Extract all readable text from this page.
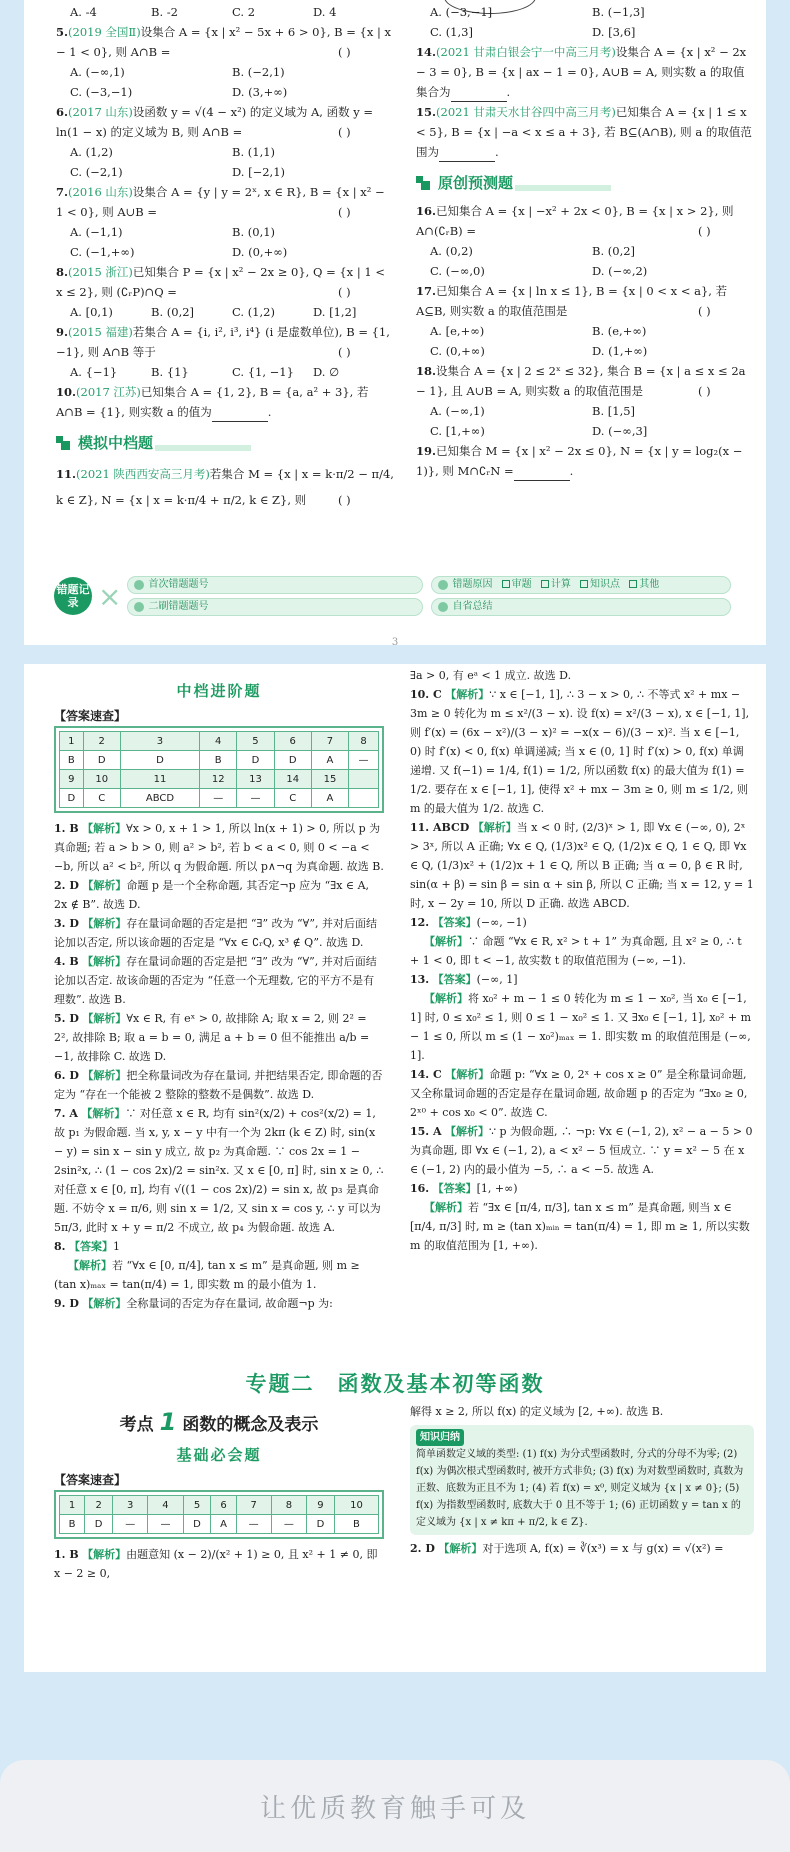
A. -4	B. -2	C. 2	D. 4
5.(2019 全国Ⅱ)设集合 A = {x | x² − 5x + 6 > 0}, B = {x | x − 1 < 0}, 则 A∩B =	( )
A. (−∞,1)	B. (−2,1)
C. (−3,−1)	D. (3,+∞)
6.(2017 山东)设函数 y = √(4 − x²) 的定义域为 A, 函数 y = ln(1 − x) 的定义域为 B, 则 A∩B =	( )
A. (1,2)	B. (1,1)
C. (−2,1)	D. [−2,1)
7.(2016 山东)设集合 A = {y | y = 2ˣ, x ∈ R}, B = {x | x² − 1 < 0}, 则 A∪B =	( )
A. (−1,1)	B. (0,1)
C. (−1,+∞)	D. (0,+∞)
8.(2015 浙江)已知集合 P = {x | x² − 2x ≥ 0}, Q = {x | 1 < x ≤ 2}, 则 (∁ᵣP)∩Q =	( )
A. [0,1)	B. (0,2]	C. (1,2)	D. [1,2]
9.(2015 福建)若集合 A = {i, i², i³, i⁴} (i 是虚数单位), B = {1, −1}, 则 A∩B 等于	( )
A. {−1}	B. {1}	C. {1, −1}	D. ∅
10.(2017 江苏)已知集合 A = {1, 2}, B = {a, a² + 3}, 若 A∩B = {1}, 则实数 a 的值为	.
模拟中档题
11.(2021 陕西西安高三月考)若集合 M = {x | x = k·π/2 − π/4, k ∈ Z}, N = {x | x = k·π/4 + π/2, k ∈ Z}, 则	( )
A. (−3,−1]	B. (−1,3]
C. (1,3]	D. [3,6]
14.(2021 甘肃白银会宁一中高三月考)设集合 A = {x | x² − 2x − 3 = 0}, B = {x | ax − 1 = 0}, A∪B = A, 则实数 a 的取值集合为	.
15.(2021 甘肃天水甘谷四中高三月考)已知集合 A = {x | 1 ≤ x < 5}, B = {x | −a < x ≤ a + 3}, 若 B⊆(A∩B), 则 a 的取值范围为	.
原创预测题
16.已知集合 A = {x | −x² + 2x < 0}, B = {x | x > 2}, 则 A∩(∁ᵣB) =	( )
A. (0,2)	B. (0,2]
C. (−∞,0)	D. (−∞,2)
17.已知集合 A = {x | ln x ≤ 1}, B = {x | 0 < x < a}, 若 A⊆B, 则实数 a 的取值范围是	( )
A. [e,+∞)	B. (e,+∞)
C. (0,+∞)	D. (1,+∞)
18.设集合 A = {x | 2 ≤ 2ˣ ≤ 32}, 集合 B = {x | a ≤ x ≤ 2a − 1}, 且 A∪B = A, 则实数 a 的取值范围是	( )
A. (−∞,1)	B. [1,5]
C. [1,+∞)	D. (−∞,3]
19.已知集合 M = {x | x² − 2x ≤ 0}, N = {x | y = log₂(x − 1)}, 则 M∩∁ᵣN =	.
错题记录 ×	首次错题题号	错题原因 审题 计算 知识点 其他
二刷错题题号	自省总结
3
中档进阶题
【答案速查】
1	2	3	4	5	6	7	8
B	D	D	B	D	D	A	—
9	10	11	12	13	14	15	
D	C	ABCD	—	—	C	A	
1. B 【解析】∀x > 0, x + 1 > 1, 所以 ln(x + 1) > 0, 所以 p 为真命题; 若 a > b > 0, 则 a² > b², 若 b < a < 0, 则 0 < −a < −b, 所以 a² < b², 所以 q 为假命题. 所以 p∧¬q 为真命题. 故选 B.
2. D 【解析】命题 p 是一个全称命题, 其否定¬p 应为 “∃x ∈ A, 2x ∉ B”. 故选 D.
3. D 【解析】存在量词命题的否定是把 “∃” 改为 “∀”, 并对后面结论加以否定, 所以该命题的否定是 “∀x ∈ ∁ᵣQ, x³ ∉ Q”. 故选 D.
4. B 【解析】存在量词命题的否定是把 “∃” 改为 “∀”, 并对后面结论加以否定. 故该命题的否定为 “任意一个无理数, 它的平方不是有理数”. 故选 B.
5. D 【解析】∀x ∈ R, 有 eˣ > 0, 故排除 A; 取 x = 2, 则 2² = 2², 故排除 B; 取 a = b = 0, 满足 a + b = 0 但不能推出 a/b = −1, 故排除 C. 故选 D.
6. D 【解析】把全称量词改为存在量词, 并把结果否定, 即命题的否定为 “存在一个能被 2 整除的整数不是偶数”. 故选 D.
7. A 【解析】∵ 对任意 x ∈ R, 均有 sin²(x/2) + cos²(x/2) = 1, 故 p₁ 为假命题. 当 x, y, x − y 中有一个为 2kπ (k ∈ Z) 时, sin(x − y) = sin x − sin y 成立, 故 p₂ 为真命题. ∵ cos 2x = 1 − 2sin²x, ∴ (1 − cos 2x)/2 = sin²x. 又 x ∈ [0, π] 时, sin x ≥ 0, ∴ 对任意 x ∈ [0, π], 均有 √((1 − cos 2x)/2) = sin x, 故 p₃ 是真命题. 不妨令 x = π/6, 则 sin x = 1/2, 又 sin x = cos y, ∴ y 可以为 5π/3, 此时 x + y = π/2 不成立, 故 p₄ 为假命题. 故选 A.
8. 【答案】1
【解析】若 “∀x ∈ [0, π/4], tan x ≤ m” 是真命题, 则 m ≥ (tan x)ₘₐₓ = tan(π/4) = 1, 即实数 m 的最小值为 1.
9. D 【解析】全称量词的否定为存在量词, 故命题¬p 为:
∃a > 0, 有 eᵃ < 1 成立. 故选 D.
10. C 【解析】∵ x ∈ [−1, 1], ∴ 3 − x > 0, ∴ 不等式 x² + mx − 3m ≥ 0 转化为 m ≤ x²/(3 − x). 设 f(x) = x²/(3 − x), x ∈ [−1, 1], 则 f′(x) = (6x − x²)/(3 − x)² = −x(x − 6)/(3 − x)². 当 x ∈ [−1, 0) 时 f′(x) < 0, f(x) 单调递减; 当 x ∈ (0, 1] 时 f′(x) > 0, f(x) 单调递增. 又 f(−1) = 1/4, f(1) = 1/2, 所以函数 f(x) 的最大值为 f(1) = 1/2. 要存在 x ∈ [−1, 1], 使得 x² + mx − 3m ≥ 0, 则 m ≤ 1/2, 则 m 的最大值为 1/2. 故选 C.
11. ABCD 【解析】当 x < 0 时, (2/3)ˣ > 1, 即 ∀x ∈ (−∞, 0), 2ˣ > 3ˣ, 所以 A 正确; ∀x ∈ Q, (1/3)x² ∈ Q, (1/2)x ∈ Q, 1 ∈ Q, 即 ∀x ∈ Q, (1/3)x² + (1/2)x + 1 ∈ Q, 所以 B 正确; 当 α = 0, β ∈ R 时, sin(α + β) = sin β = sin α + sin β, 所以 C 正确; 当 x = 12, y = 1 时, x − 2y = 10, 所以 D 正确. 故选 ABCD.
12. 【答案】(−∞, −1)
【解析】∵ 命题 “∀x ∈ R, x² > t + 1” 为真命题, 且 x² ≥ 0, ∴ t + 1 < 0, 即 t < −1, 故实数 t 的取值范围为 (−∞, −1).
13. 【答案】(−∞, 1]
【解析】将 x₀² + m − 1 ≤ 0 转化为 m ≤ 1 − x₀², 当 x₀ ∈ [−1, 1] 时, 0 ≤ x₀² ≤ 1, 则 0 ≤ 1 − x₀² ≤ 1. 又 ∃x₀ ∈ [−1, 1], x₀² + m − 1 ≤ 0, 所以 m ≤ (1 − x₀²)ₘₐₓ = 1. 即实数 m 的取值范围是 (−∞, 1].
14. C 【解析】命题 p: “∀x ≥ 0, 2ˣ + cos x ≥ 0” 是全称量词命题, 又全称量词命题的否定是存在量词命题, 故命题 p 的否定为 “∃x₀ ≥ 0, 2ˣ⁰ + cos x₀ < 0”. 故选 C.
15. A 【解析】∵ p 为假命题, ∴ ¬p: ∀x ∈ (−1, 2), x² − a − 5 > 0 为真命题, 即 ∀x ∈ (−1, 2), a < x² − 5 恒成立. ∵ y = x² − 5 在 x ∈ (−1, 2) 内的最小值为 −5, ∴ a < −5. 故选 A.
16. 【答案】[1, +∞)
【解析】若 “∃x ∈ [π/4, π/3], tan x ≤ m” 是真命题, 则当 x ∈ [π/4, π/3] 时, m ≥ (tan x)ₘᵢₙ = tan(π/4) = 1, 即 m ≥ 1, 所以实数 m 的取值范围为 [1, +∞).
专题二　函数及基本初等函数
考点 1 函数的概念及表示
基础必会题
【答案速查】
1	2	3	4	5	6	7	8	9	10
B	D	—	—	D	A	—	—	D	B
1. B 【解析】由题意知 (x − 2)/(x² + 1) ≥ 0, 且 x² + 1 ≠ 0, 即 x − 2 ≥ 0,
解得 x ≥ 2, 所以 f(x) 的定义域为 [2, +∞). 故选 B.
知识归纳
简单函数定义域的类型: (1) f(x) 为分式型函数时, 分式的分母不为零; (2) f(x) 为偶次根式型函数时, 被开方式非负; (3) f(x) 为对数型函数时, 真数为正数、底数为正且不为 1; (4) 若 f(x) = x⁰, 则定义域为 {x | x ≠ 0}; (5) f(x) 为指数型函数时, 底数大于 0 且不等于 1; (6) 正切函数 y = tan x 的定义域为 {x | x ≠ kπ + π/2, k ∈ Z}.
2. D 【解析】对于选项 A, f(x) = ∛(x³) = x 与 g(x) = √(x²) =
让优质教育触手可及
